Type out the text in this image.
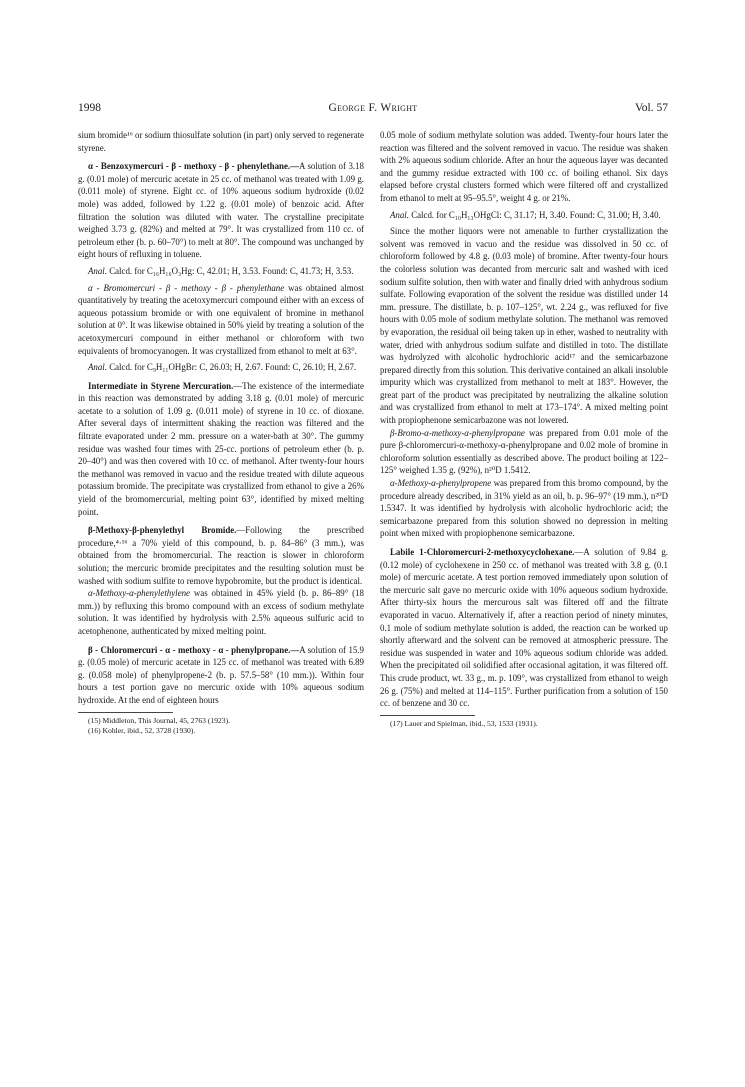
1998	George F. Wright	Vol. 57

sium bromide¹⁶ or sodium thiosulfate solution (in part) only served to regenerate styrene.

α - Benzoxymercuri - β - methoxy - β - phenylethane.—A solution of 3.18 g. (0.01 mole) of mercuric acetate in 25 cc. of methanol was treated with 1.09 g. (0.011 mole) of styrene. Eight cc. of 10% aqueous sodium hydroxide (0.02 mole) was added, followed by 1.22 g. (0.01 mole) of benzoic acid. After filtration the solution was diluted with water. The crystalline precipitate weighed 3.73 g. (82%) and melted at 79°. It was crystallized from 110 cc. of petroleum ether (b. p. 60–70°) to melt at 80°. The compound was unchanged by eight hours of refluxing in toluene.

Anal. Calcd. for C₁₆H₁₆O₃Hg: C, 42.01; H, 3.53. Found: C, 41.73; H, 3.53.

α - Bromomercuri - β - methoxy - β - phenylethane was obtained almost quantitatively by treating the acetoxymercuri compound either with an excess of aqueous potassium bromide or with one equivalent of bromine in methanol solution at 0°. It was likewise obtained in 50% yield by treating a solution of the acetoxymercuri compound in either methanol or chloroform with two equivalents of bromocyanogen. It was crystallized from ethanol to melt at 63°.

Anal. Calcd. for C₉H₁₁OHgBr: C, 26.03; H, 2.67. Found: C, 26.10; H, 2.67.

Intermediate in Styrene Mercuration.—The existence of the intermediate in this reaction was demonstrated by adding 3.18 g. (0.01 mole) of mercuric acetate to a solution of 1.09 g. (0.011 mole) of styrene in 10 cc. of dioxane. After several days of intermittent shaking the reaction was filtered and the filtrate evaporated under 2 mm. pressure on a water-bath at 30°. The gummy residue was washed four times with 25-cc. portions of petroleum ether (b. p. 20–40°) and was then covered with 10 cc. of methanol. After twenty-four hours the methanol was removed in vacuo and the residue treated with dilute aqueous potassium bromide. The precipitate was crystallized from ethanol to give a 26% yield of the bromomercurial, melting point 63°, identified by mixed melting point.

β-Methoxy-β-phenylethyl Bromide.—Following the prescribed procedure,⁴·¹⁶ a 70% yield of this compound, b. p. 84–86° (3 mm.), was obtained from the bromomercurial. The reaction is slower in chloroform solution; the mercuric bromide precipitates and the resulting solution must be washed with sodium sulfite to remove hypobromite, but the product is identical.

α-Methoxy-α-phenylethylene was obtained in 45% yield (b. p. 86–89° (18 mm.)) by refluxing this bromo compound with an excess of sodium methylate solution. It was identified by hydrolysis with 2.5% aqueous sulfuric acid to acetophenone, authenticated by mixed melting point.

β - Chloromercuri - α - methoxy - α - phenylpropane.—A solution of 15.9 g. (0.05 mole) of mercuric acetate in 125 cc. of methanol was treated with 6.89 g. (0.058 mole) of phenylpropene-2 (b. p. 57.5–58° (10 mm.)). Within four hours a test portion gave no mercuric oxide with 10% aqueous sodium hydroxide. At the end of eighteen hours

(15) Middleton, This Journal, 45, 2763 (1923).

(16) Kohler, ibid., 52, 3728 (1930).

0.05 mole of sodium methylate solution was added. Twenty-four hours later the reaction was filtered and the solvent removed in vacuo. The residue was shaken with 2% aqueous sodium chloride. After an hour the aqueous layer was decanted and the gummy residue extracted with 100 cc. of boiling ethanol. Six days elapsed before crystal clusters formed which were filtered off and crystallized from ethanol to melt at 95–95.5°, weight 4 g. or 21%.

Anal. Calcd. for C₁₀H₁₃OHgCl: C, 31.17; H, 3.40. Found: C, 31.00; H, 3.40.

Since the mother liquors were not amenable to further crystallization the solvent was removed in vacuo and the residue was dissolved in 50 cc. of chloroform followed by 4.8 g. (0.03 mole) of bromine. After twenty-four hours the colorless solution was decanted from mercuric salt and washed with iced sodium sulfite solution, then with water and finally dried with anhydrous sodium sulfate. Following evaporation of the solvent the residue was distilled under 14 mm. pressure. The distillate, b. p. 107–125°, wt. 2.24 g., was refluxed for five hours with 0.05 mole of sodium methylate solution. The methanol was removed by evaporation, the residual oil being taken up in ether, washed to neutrality with water, dried with anhydrous sodium sulfate and distilled in toto. The distillate was hydrolyzed with alcoholic hydrochloric acid¹⁷ and the semicarbazone prepared directly from this solution. This derivative contained an alkali insoluble impurity which was crystallized from methanol to melt at 183°. However, the great part of the product was precipitated by neutralizing the alkaline solution and was crystallized from ethanol to melt at 173–174°. A mixed melting point with propiophenone semicarbazone was not lowered.

β-Bromo-α-methoxy-α-phenylpropane was prepared from 0.01 mole of the pure β-chloromercuri-α-methoxy-α-phenylpropane and 0.02 mole of bromine in chloroform solution essentially as described above. The product boiling at 122–125° weighed 1.35 g. (92%), n²⁰D 1.5412.

α-Methoxy-α-phenylpropene was prepared from this bromo compound, by the procedure already described, in 31% yield as an oil, b. p. 96–97° (19 mm.), n²⁰D 1.5347. It was identified by hydrolysis with alcoholic hydrochloric acid; the semicarbazone prepared from this solution showed no depression in melting point when mixed with propiophenone semicarbazone.

Labile 1-Chloromercuri-2-methoxycyclohexane.—A solution of 9.84 g. (0.12 mole) of cyclohexene in 250 cc. of methanol was treated with 3.8 g. (0.1 mole) of mercuric acetate. A test portion removed immediately upon solution of the mercuric salt gave no mercuric oxide with 10% aqueous sodium hydroxide. After thirty-six hours the mercurous salt was filtered off and the filtrate evaporated in vacuo. Alternatively if, after a reaction period of ninety minutes, 0.1 mole of sodium methylate solution is added, the reaction can be worked up shortly afterward and the solvent can be removed at atmospheric pressure. The residue was suspended in water and 10% aqueous sodium chloride was added. When the precipitated oil solidified after occasional agitation, it was filtered off. This crude product, wt. 33 g., m. p. 109°, was crystallized from ethanol to weigh 26 g. (75%) and melted at 114–115°. Further purification from a solution of 150 cc. of benzene and 30 cc.

(17) Lauer and Spielman, ibid., 53, 1533 (1931).
